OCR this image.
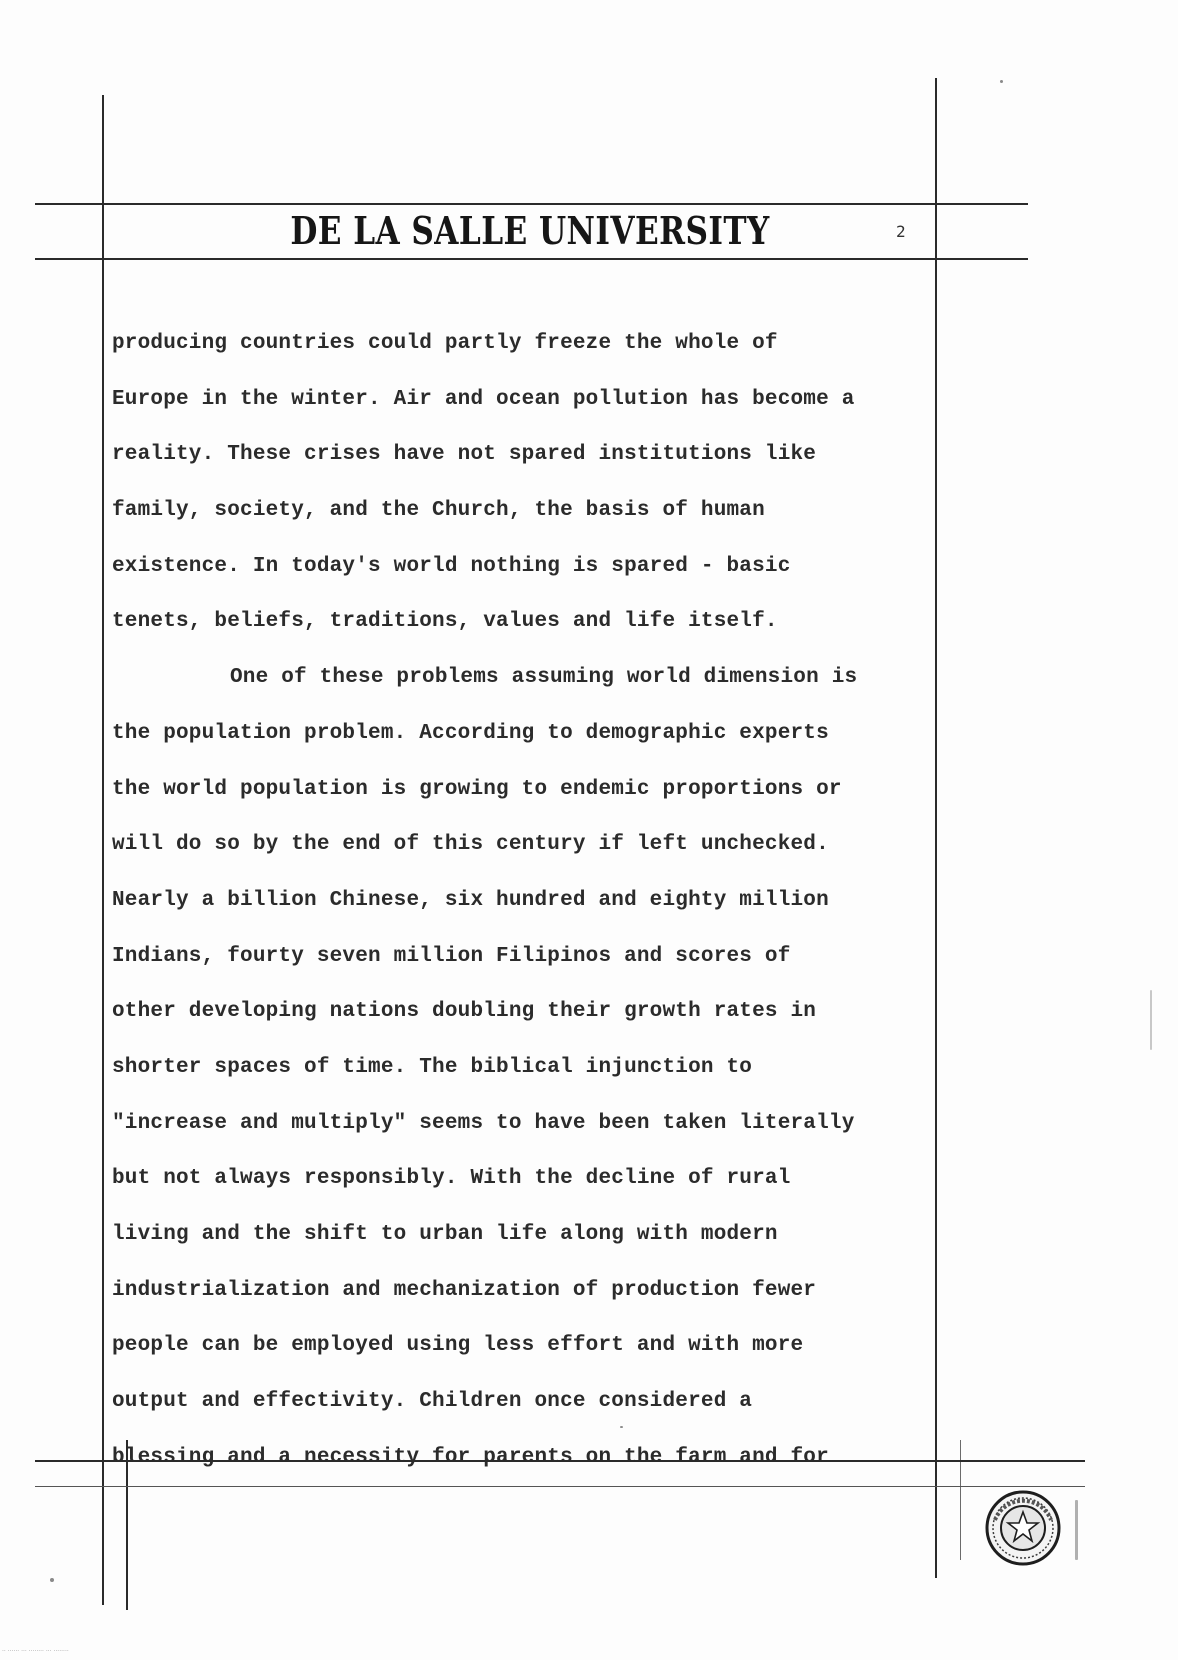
DE LA SALLE UNIVERSITY	2
producing countries could partly freeze the whole of
Europe in the winter. Air and ocean pollution has become a
reality. These crises have not spared institutions like
family, society, and the Church, the basis of human
existence. In today's world nothing is spared - basic
tenets, beliefs, traditions, values and life itself.
One of these problems assuming world dimension is
the population problem. According to demographic experts
the world population is growing to endemic proportions or
will do so by the end of this century if left unchecked.
Nearly a billion Chinese, six hundred and eighty million
Indians, fourty seven million Filipinos and scores of
other developing nations doubling their growth rates in
shorter spaces of time. The biblical injunction to
"increase and multiply" seems to have been taken literally
but not always responsibly. With the decline of rural
living and the shift to urban life along with modern
industrialization and mechanization of production fewer
people can be employed using less effort and with more
output and effectivity. Children once considered a
blessing and a necessity for parents on the farm and for
·· ······ ··· ········ ··· ········
